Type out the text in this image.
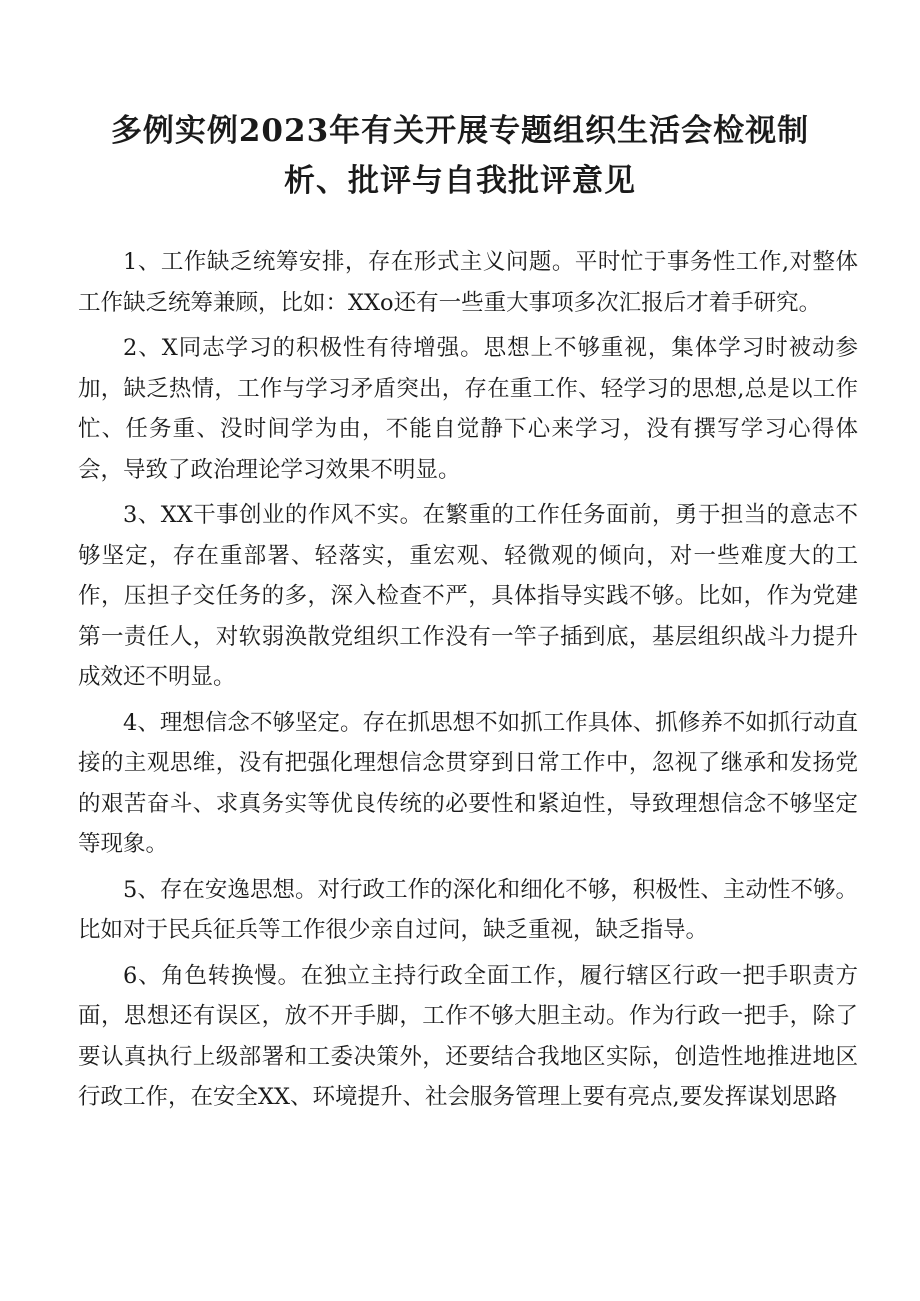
多例实例2023年有关开展专题组织生活会检视制
析、批评与自我批评意见

1、工作缺乏统筹安排，存在形式主义问题。平时忙于事务性工作,对整体工作缺乏统筹兼顾，比如：XXo还有一些重大事项多次汇报后才着手研究。

2、X同志学习的积极性有待增强。思想上不够重视，集体学习时被动参加，缺乏热情，工作与学习矛盾突出，存在重工作、轻学习的思想,总是以工作忙、任务重、没时间学为由，不能自觉静下心来学习，没有撰写学习心得体会，导致了政治理论学习效果不明显。

3、XX干事创业的作风不实。在繁重的工作任务面前，勇于担当的意志不够坚定，存在重部署、轻落实，重宏观、轻微观的倾向，对一些难度大的工作，压担子交任务的多，深入检查不严，具体指导实践不够。比如，作为党建第一责任人，对软弱涣散党组织工作没有一竿子插到底，基层组织战斗力提升成效还不明显。

4、理想信念不够坚定。存在抓思想不如抓工作具体、抓修养不如抓行动直接的主观思维，没有把强化理想信念贯穿到日常工作中，忽视了继承和发扬党的艰苦奋斗、求真务实等优良传统的必要性和紧迫性，导致理想信念不够坚定等现象。

5、存在安逸思想。对行政工作的深化和细化不够，积极性、主动性不够。比如对于民兵征兵等工作很少亲自过问，缺乏重视，缺乏指导。

6、角色转换慢。在独立主持行政全面工作，履行辖区行政一把手职责方面，思想还有误区，放不开手脚，工作不够大胆主动。作为行政一把手，除了要认真执行上级部署和工委决策外，还要结合我地区实际，创造性地推进地区行政工作，在安全XX、环境提升、社会服务管理上要有亮点,要发挥谋划思路
